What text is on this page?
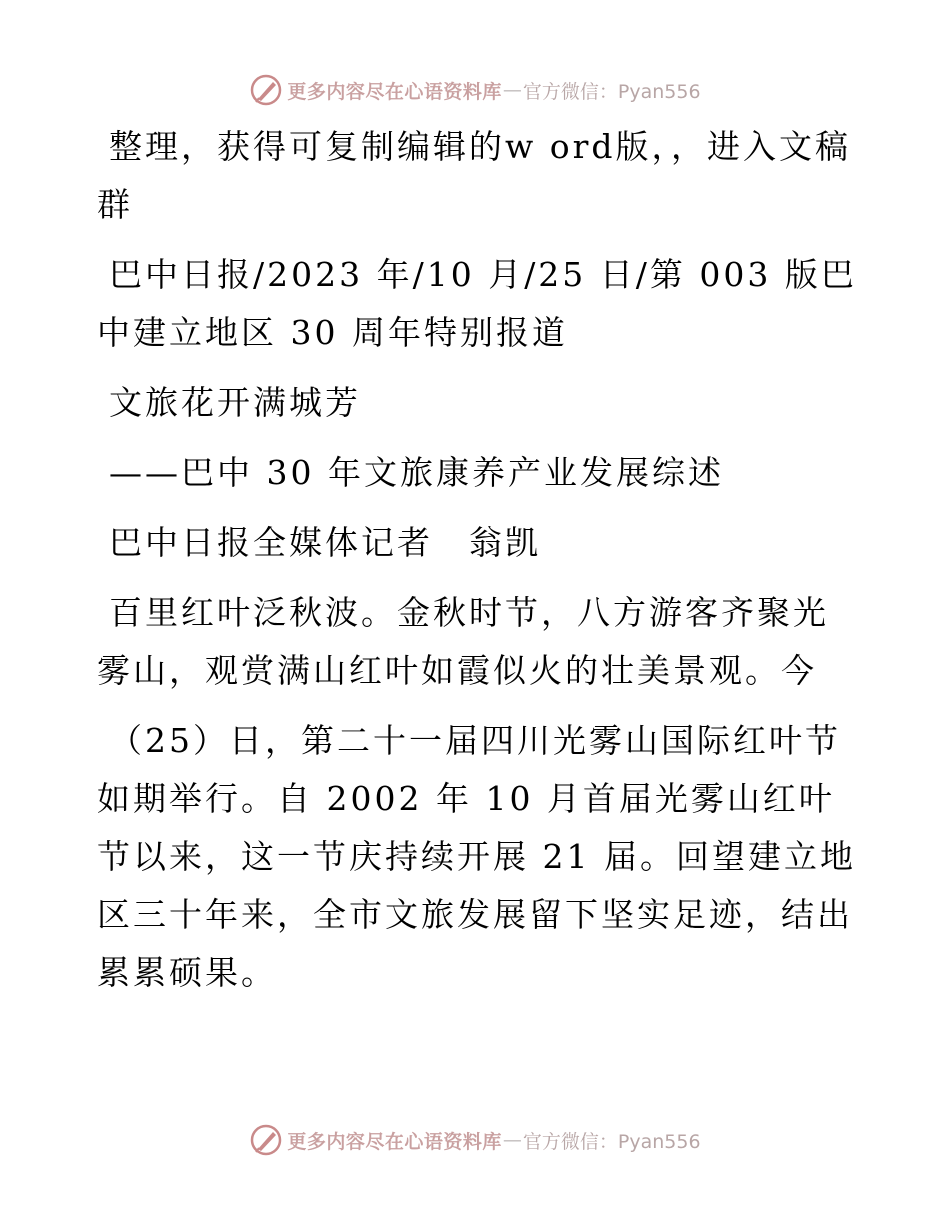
更多内容尽在心语资料库 — 官方微信：Pyan556

整理，获得可复制编辑的w ord版，，进入文稿群

巴中日报/2023 年/10 月/25 日/第 003 版巴中建立地区 30 周年特别报道

文旅花开满城芳

——巴中 30 年文旅康养产业发展综述

巴中日报全媒体记者　翁凯

百里红叶泛秋波。金秋时节，八方游客齐聚光雾山，观赏满山红叶如霞似火的壮美景观。今

（25）日，第二十一届四川光雾山国际红叶节如期举行。自 2002 年 10 月首届光雾山红叶节以来，这一节庆持续开展 21 届。回望建立地区三十年来，全市文旅发展留下坚实足迹，结出累累硕果。

更多内容尽在心语资料库 — 官方微信：Pyan556
